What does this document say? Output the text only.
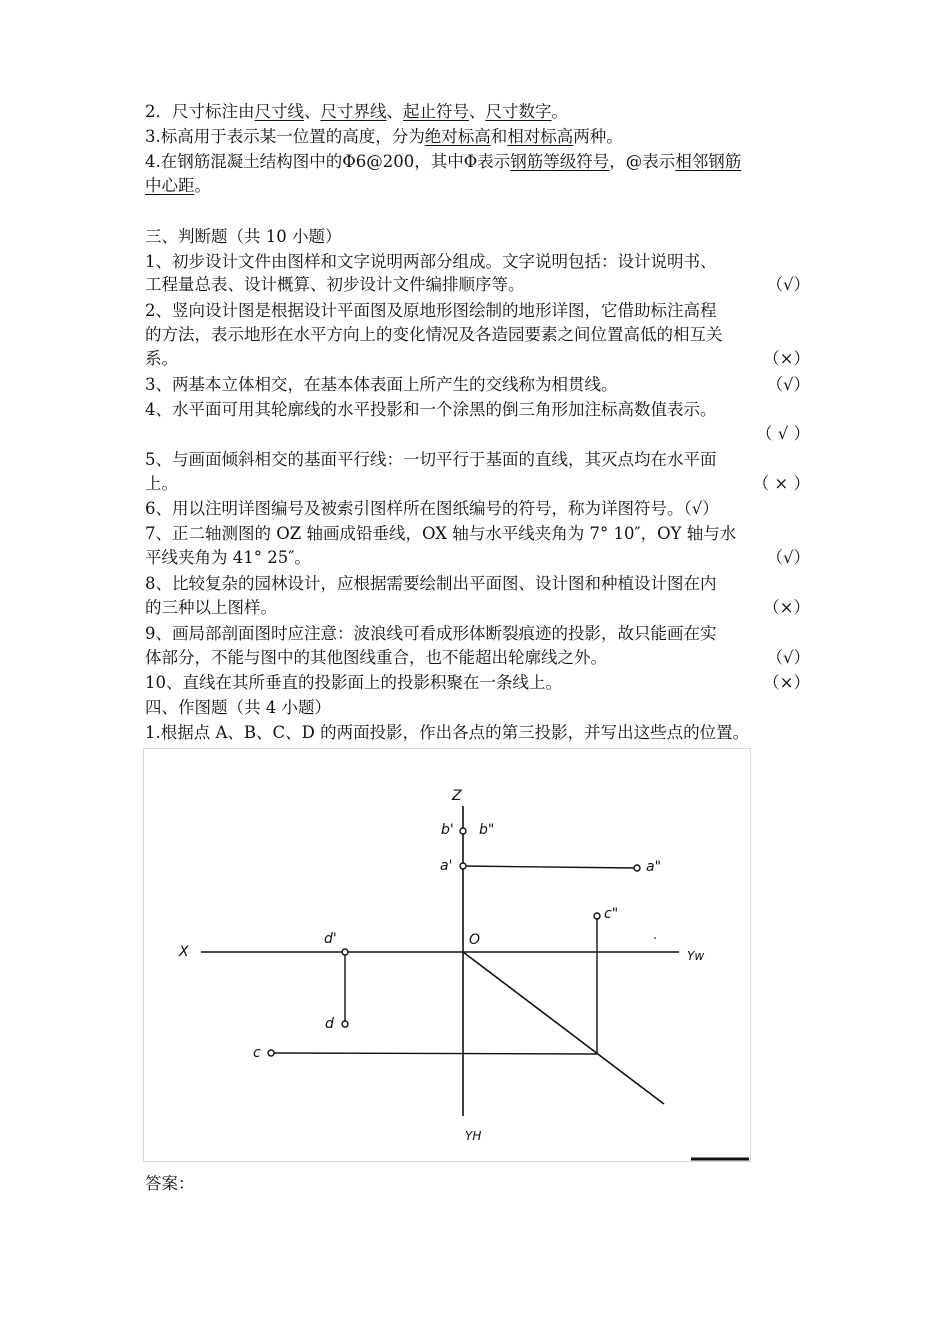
2．尺寸标注由尺寸线、尺寸界线、起止符号、尺寸数字。
3.标高用于表示某一位置的高度，分为绝对标高和相对标高两种。
4.在钢筋混凝土结构图中的Φ6@200，其中Φ表示钢筋等级符号，@表示相邻钢筋
中心距。
三、判断题（共 10 小题）
1、初步设计文件由图样和文字说明两部分组成。文字说明包括：设计说明书、
工程量总表、设计概算、初步设计文件编排顺序等。	（√）
2、竖向设计图是根据设计平面图及原地形图绘制的地形详图，它借助标注高程
的方法，表示地形在水平方向上的变化情况及各造园要素之间位置高低的相互关
系。	（×）
3、两基本立体相交，在基本体表面上所产生的交线称为相贯线。	（√）
4、水平面可用其轮廓线的水平投影和一个涂黑的倒三角形加注标高数值表示。
（ √ ）
5、与画面倾斜相交的基面平行线：一切平行于基面的直线，其灭点均在水平面
上。	（ × ）
6、用以注明详图编号及被索引图样所在图纸编号的符号，称为详图符号。（√）
7、正二轴测图的 OZ 轴画成铅垂线，OX 轴与水平线夹角为 7° 10″，OY 轴与水
平线夹角为 41° 25″。	（√）
8、比较复杂的园林设计，应根据需要绘制出平面图、设计图和种植设计图在内
的三种以上图样。	（×）
9、画局部剖面图时应注意：波浪线可看成形体断裂痕迹的投影，故只能画在实
体部分，不能与图中的其他图线重合，也不能超出轮廓线之外。	（√）
10、直线在其所垂直的投影面上的投影积聚在一条线上。	（×）
四、作图题（共 4 小题）
1.根据点 A、B、C、D 的两面投影，作出各点的第三投影，并写出这些点的位置。
Z
b' b"
a'	a"
c"
X
d'	O
Yw
d
c
YH
答案：
